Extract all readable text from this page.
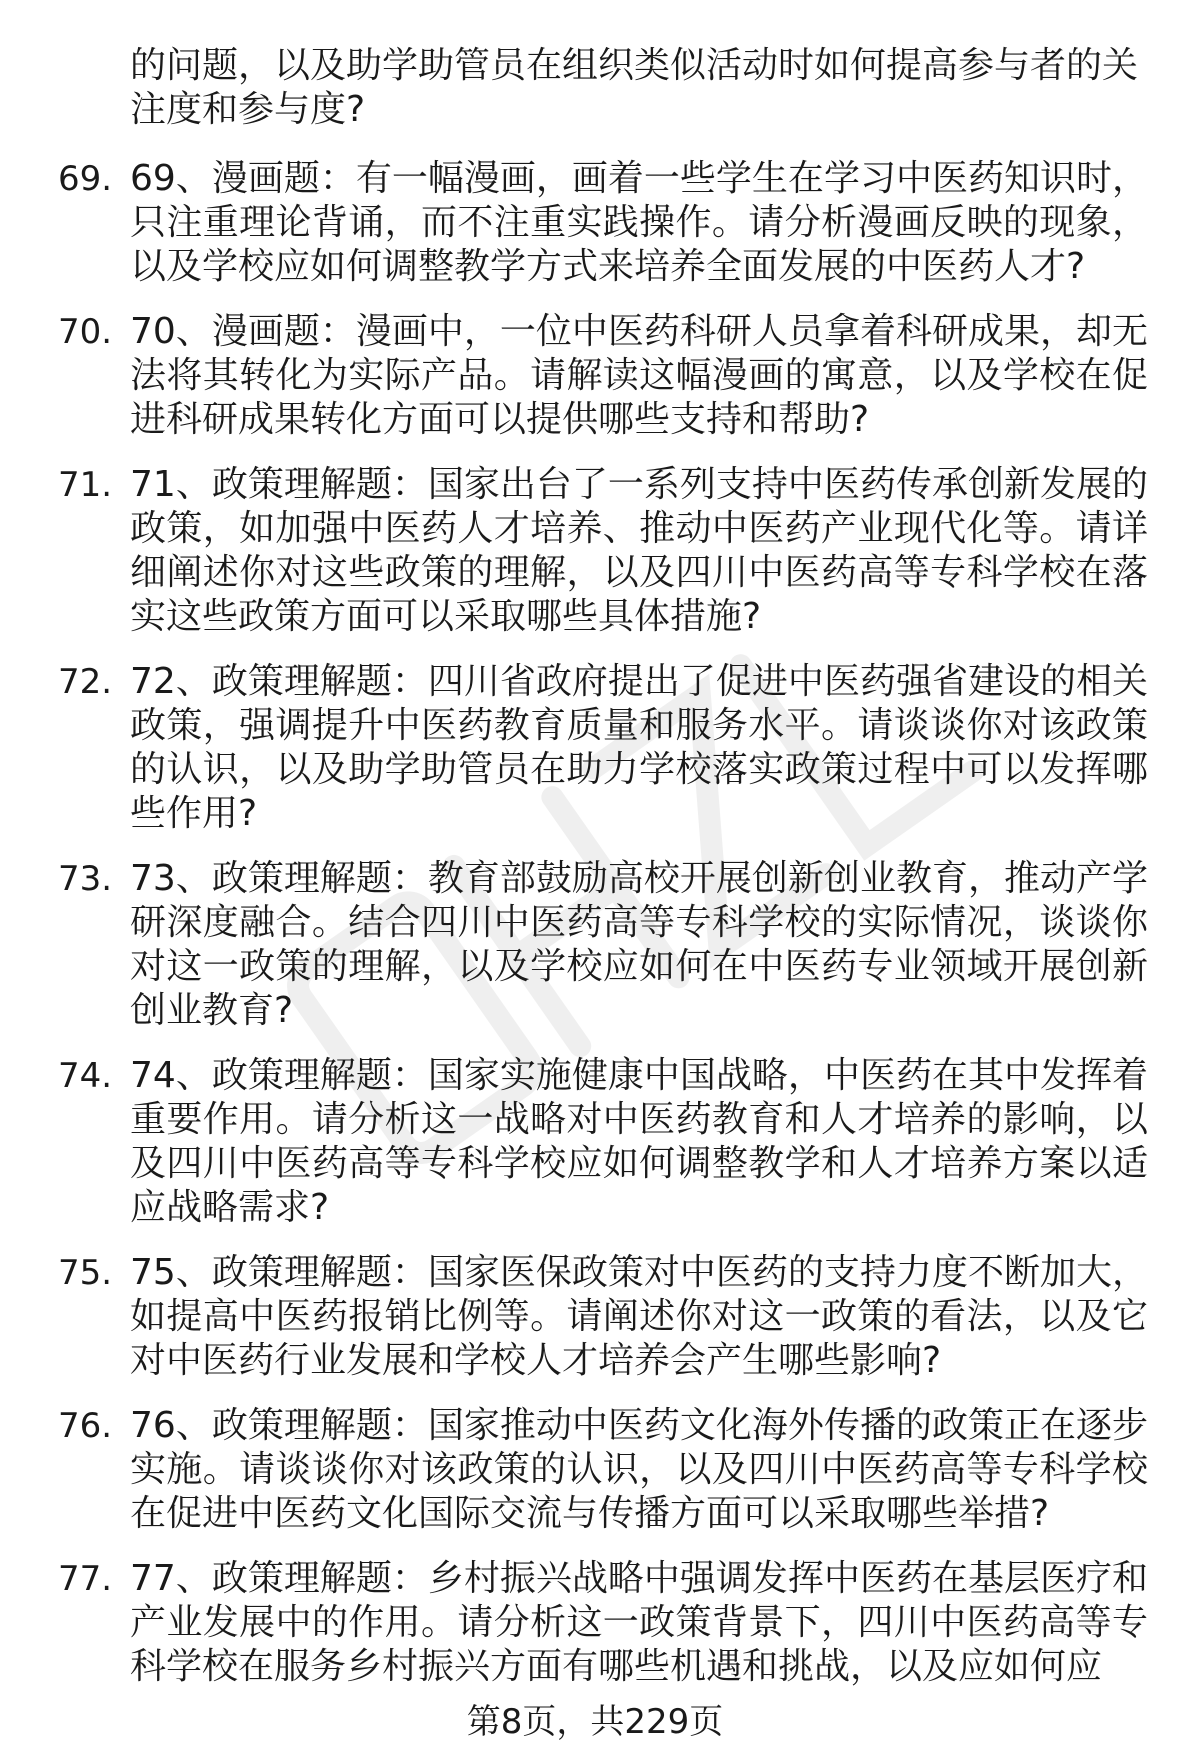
的问题，以及助学助管员在组织类似活动时如何提高参与者的关注度和参与度?

69. 69、漫画题：有一幅漫画，画着一些学生在学习中医药知识时，只注重理论背诵，而不注重实践操作。请分析漫画反映的现象，以及学校应如何调整教学方式来培养全面发展的中医药人才?
70. 70、漫画题：漫画中，一位中医药科研人员拿着科研成果，却无法将其转化为实际产品。请解读这幅漫画的寓意，以及学校在促进科研成果转化方面可以提供哪些支持和帮助?
71. 71、政策理解题：国家出台了一系列支持中医药传承创新发展的政策，如加强中医药人才培养、推动中医药产业现代化等。请详细阐述你对这些政策的理解，以及四川中医药高等专科学校在落实这些政策方面可以采取哪些具体措施?
72. 72、政策理解题：四川省政府提出了促进中医药强省建设的相关政策，强调提升中医药教育质量和服务水平。请谈谈你对该政策的认识，以及助学助管员在助力学校落实政策过程中可以发挥哪些作用?
73. 73、政策理解题：教育部鼓励高校开展创新创业教育，推动产学研深度融合。结合四川中医药高等专科学校的实际情况，谈谈你对这一政策的理解，以及学校应如何在中医药专业领域开展创新创业教育?
74. 74、政策理解题：国家实施健康中国战略，中医药在其中发挥着重要作用。请分析这一战略对中医药教育和人才培养的影响，以及四川中医药高等专科学校应如何调整教学和人才培养方案以适应战略需求?
75. 75、政策理解题：国家医保政策对中医药的支持力度不断加大，如提高中医药报销比例等。请阐述你对这一政策的看法，以及它对中医药行业发展和学校人才培养会产生哪些影响?
76. 76、政策理解题：国家推动中医药文化海外传播的政策正在逐步实施。请谈谈你对该政策的认识，以及四川中医药高等专科学校在促进中医药文化国际交流与传播方面可以采取哪些举措?
77. 77、政策理解题：乡村振兴战略中强调发挥中医药在基层医疗和产业发展中的作用。请分析这一政策背景下，四川中医药高等专科学校在服务乡村振兴方面有哪些机遇和挑战，以及应如何应
第8页，共229页
